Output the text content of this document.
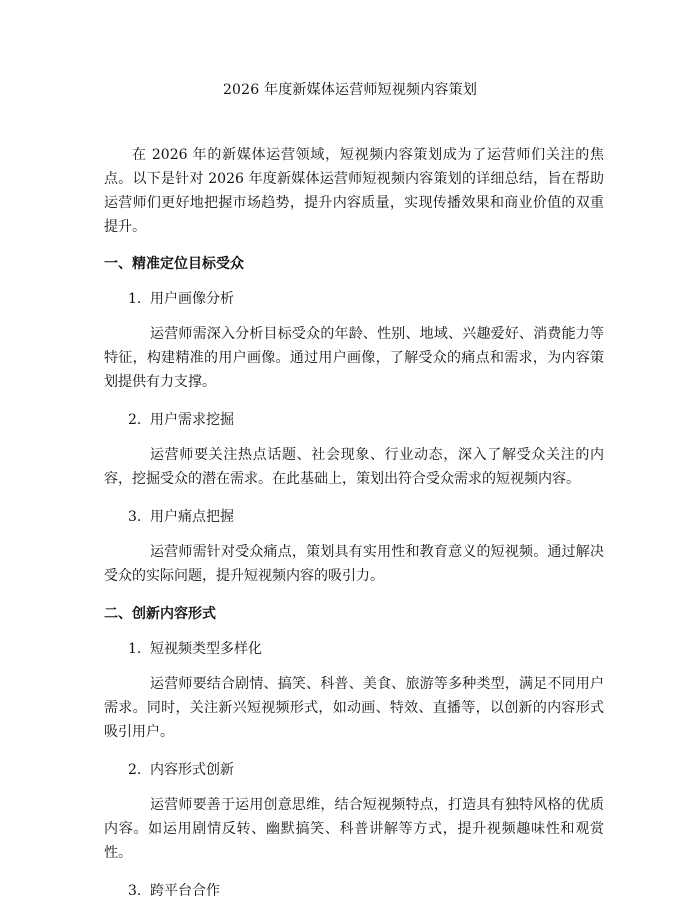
2026 年度新媒体运营师短视频内容策划

在 2026 年的新媒体运营领域，短视频内容策划成为了运营师们关注的焦点。以下是针对 2026 年度新媒体运营师短视频内容策划的详细总结，旨在帮助运营师们更好地把握市场趋势，提升内容质量，实现传播效果和商业价值的双重提升。

一、精准定位目标受众
1. 用户画像分析

运营师需深入分析目标受众的年龄、性别、地域、兴趣爱好、消费能力等特征，构建精准的用户画像。通过用户画像，了解受众的痛点和需求，为内容策划提供有力支撑。

2. 用户需求挖掘

运营师要关注热点话题、社会现象、行业动态，深入了解受众关注的内容，挖掘受众的潜在需求。在此基础上，策划出符合受众需求的短视频内容。

3. 用户痛点把握

运营师需针对受众痛点，策划具有实用性和教育意义的短视频。通过解决受众的实际问题，提升短视频内容的吸引力。

二、创新内容形式
1. 短视频类型多样化

运营师要结合剧情、搞笑、科普、美食、旅游等多种类型，满足不同用户需求。同时，关注新兴短视频形式，如动画、特效、直播等，以创新的内容形式吸引用户。

2. 内容形式创新

运营师要善于运用创意思维，结合短视频特点，打造具有独特风格的优质内容。如运用剧情反转、幽默搞笑、科普讲解等方式，提升视频趣味性和观赏性。

3. 跨平台合作
